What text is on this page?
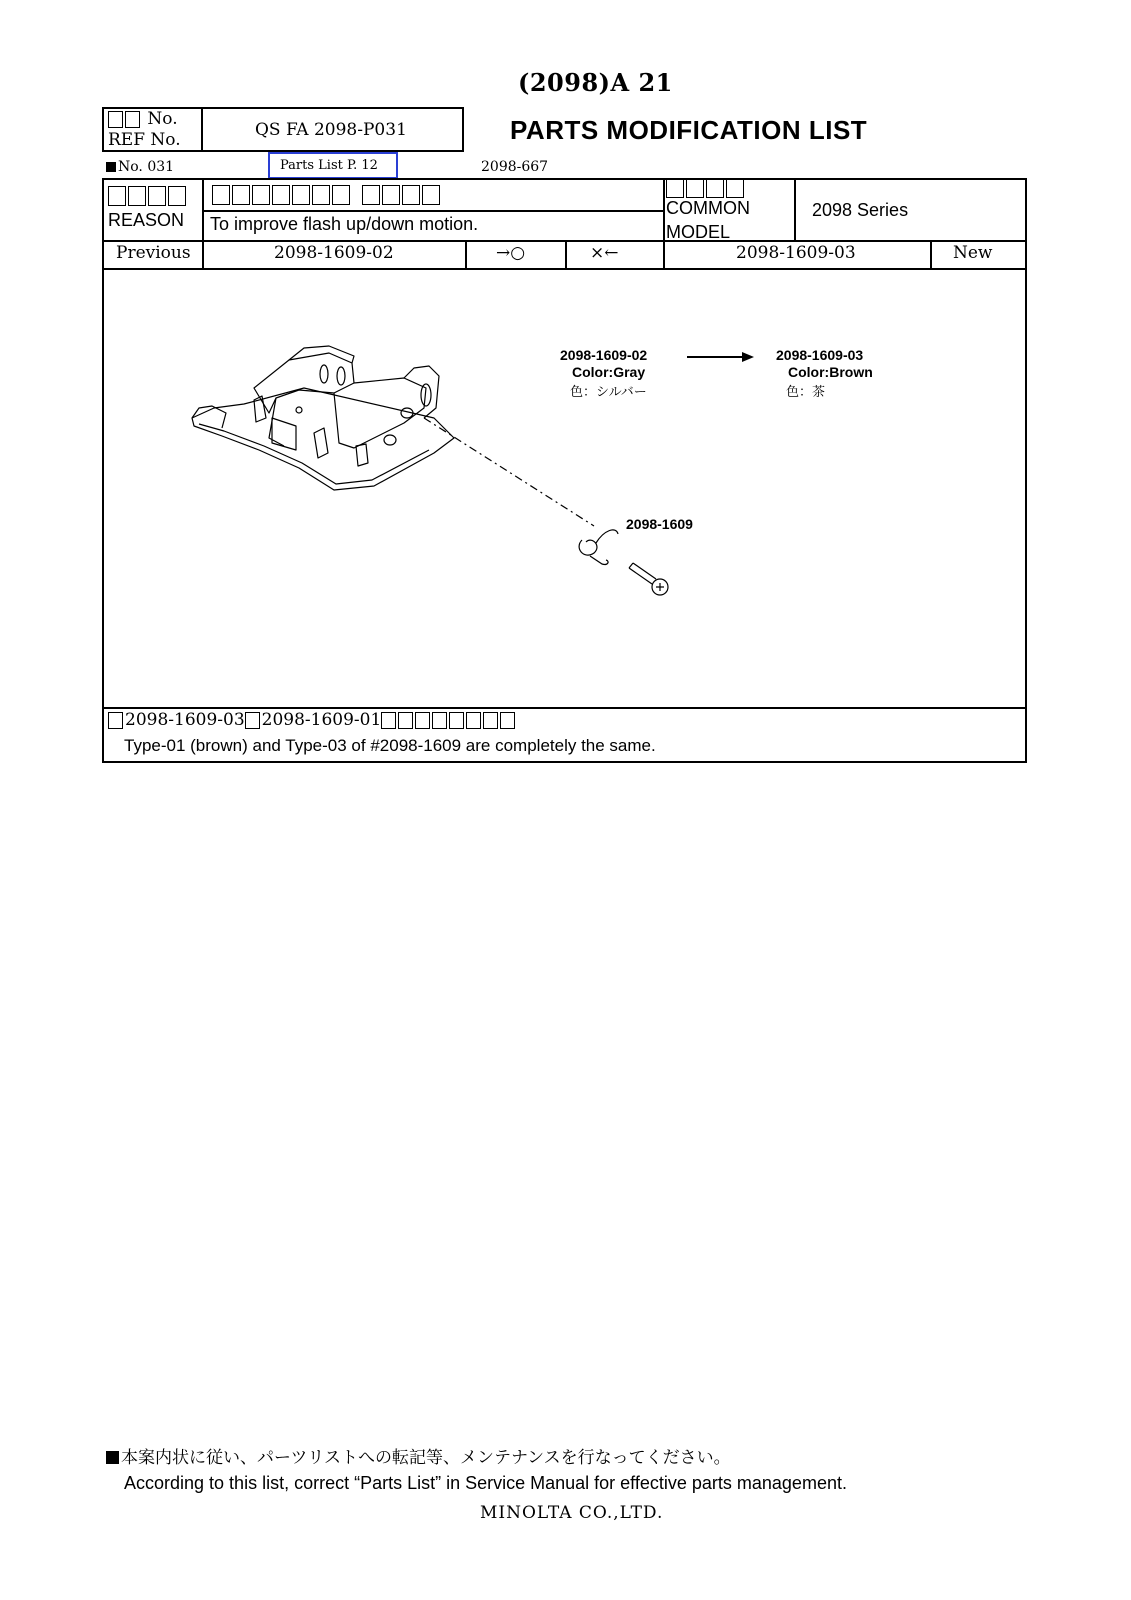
(2098)A 21
PARTS MODIFICATION LIST
No.
REF No.	QS FA 2098-P031
No. 031	Parts List P. 12	2098-667
REASON To improve flash up/down motion.
COMMON
MODEL
2098 Series
Previous	2098-1609-02	→○	×←	2098-1609-03	New
2098-1609-02
Color:Gray
色：シルバー
2098-1609-03
Color:Brown
色：茶
2098-1609
2098-1609-03 2098-1609-01
Type-01 (brown) and Type-03 of #2098-1609 are completely the same.
本案内状に従い、パーツリストへの転記等、メンテナンスを行なってください。
According to this list, correct “Parts List” in Service Manual for effective parts management.
MINOLTA CO.,LTD.
